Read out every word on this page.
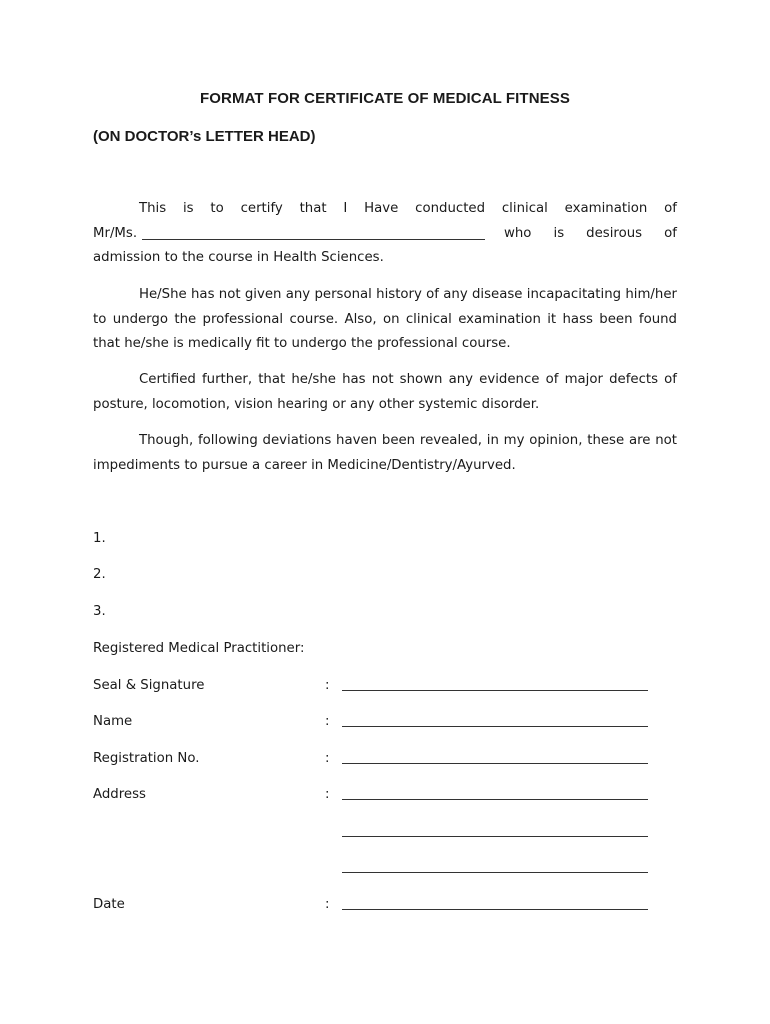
FORMAT FOR CERTIFICATE OF MEDICAL FITNESS
(ON DOCTOR’s LETTER HEAD)
This is to certify that I Have conducted clinical examination of
Mr/Ms.	who is desirous of
admission to the course in Health Sciences.
He/She has not given any personal history of any disease incapacitating him/her to undergo the professional course. Also, on clinical examination it hass been found that he/she is medically fit to undergo the professional course.
Certified further, that he/she has not shown any evidence of major defects of posture, locomotion, vision hearing or any other systemic disorder.
Though, following deviations haven been revealed, in my opinion, these are not impediments to pursue a career in Medicine/Dentistry/Ayurved.
1.
2.
3.
Registered Medical Practitioner:
Seal & Signature	:
Name	:
Registration No.	:
Address	:
Date	:
